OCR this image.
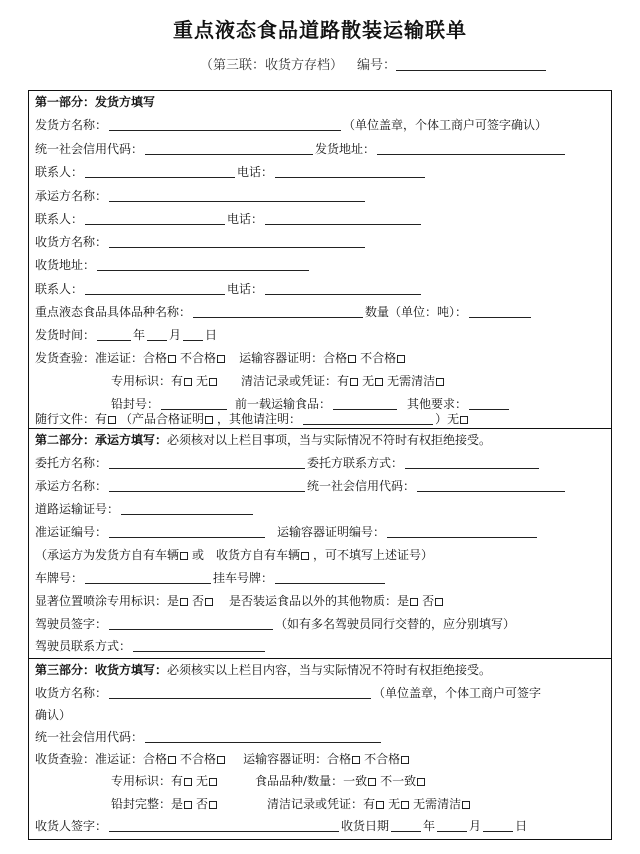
重点液态食品道路散装运输联单
（第三联：收货方存档） 编号：
第一部分：发货方填写
发货方名称：	（单位盖章，个体工商户可签字确认）
统一社会信用代码：	发货地址：
联系人：	电话：
承运方名称：
联系人：	电话：
收货方名称：
收货地址：
联系人：	电话：
重点液态食品具体品种名称：	数量（单位：吨）：
发货时间：	年 月 日
发货查验： 准运证： 合格 不合格 运输容器证明： 合格 不合格
专用标识： 有 无	清洁记录或凭证： 有 无 无需清洁
铅封号：	前一载运输食品：	其他要求：
随行文件： 有 （产品合格证明 ，其他请注明：	） 无
第二部分：承运方填写： 必须核对以上栏目事项，当与实际情况不符时有权拒绝接受。
委托方名称：	委托方联系方式：
承运方名称：	统一社会信用代码：
道路运输证号：
准运证编号：	运输容器证明编号：
（承运方为发货方自有车辆 或　收货方自有车辆 ，可不填写上述证号）
车牌号：	挂车号牌：
显著位置喷涂专用标识： 是 否 是否装运食品以外的其他物质： 是 否
驾驶员签字：	（如有多名驾驶员同行交替的，应分别填写）
驾驶员联系方式：
第三部分：收货方填写： 必须核实以上栏目内容，当与实际情况不符时有权拒绝接受。
收货方名称：	（单位盖章，个体工商户可签字
确认）
统一社会信用代码：
收货查验： 准运证： 合格 不合格 运输容器证明： 合格 不合格
专用标识： 有 无	食品品种/数量： 一致 不一致
铅封完整： 是 否	清洁记录或凭证： 有 无 无需清洁
收货人签字：	收货日期	年	月	日
